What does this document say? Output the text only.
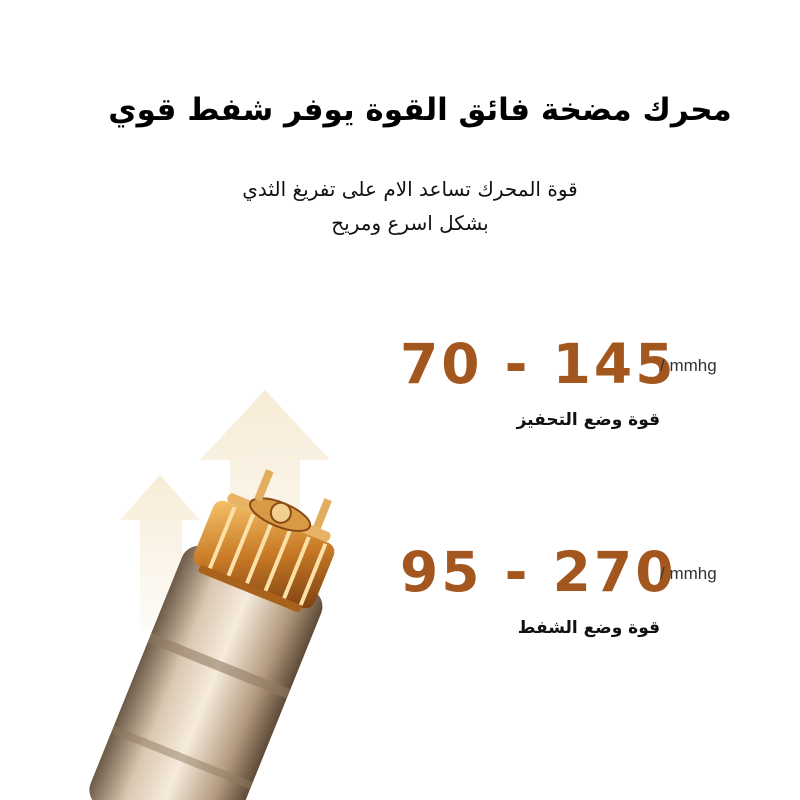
محرك مضخة فائق القوة يوفر شفط قوي
قوة المحرك تساعد الام على تفريغ الثدي
بشكل اسرع ومريح
70 - 145
/ mmhg
قوة وضع التحفيز
95 - 270
/ mmhg
قوة وضع الشفط
